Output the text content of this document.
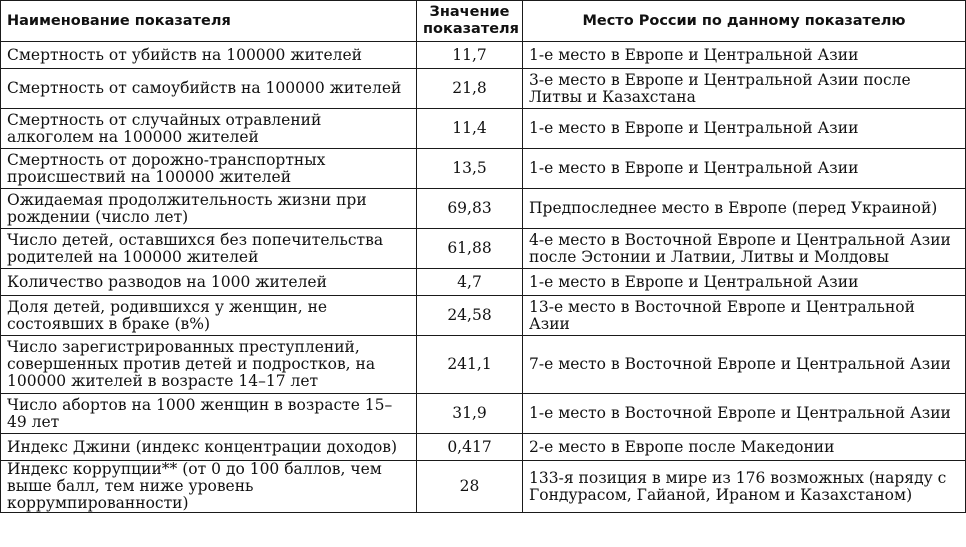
Наименование показателя	Значение показателя	Место России по данному показателю
Смертность от убийств на 100000 жителей	11,7	1-е место в Европе и Центральной Азии
Смертность от самоубийств на 100000 жителей	21,8	3-е место в Европе и Центральной Азии после Литвы и Казахстана
Смертность от случайных отравлений алкоголем на 100000 жителей	11,4	1-е место в Европе и Центральной Азии
Смертность от дорожно-транспортных происшествий на 100000 жителей	13,5	1-е место в Европе и Центральной Азии
Ожидаемая продолжительность жизни при рождении (число лет)	69,83	Предпоследнее место в Европе (перед Украиной)
Число детей, оставшихся без попечительства родителей на 100000 жителей	61,88	4-е место в Восточной Европе и Центральной Азии после Эстонии и Латвии, Литвы и Молдовы
Количество разводов на 1000 жителей	4,7	1-е место в Европе и Центральной Азии
Доля детей, родившихся у женщин, не состоявших в браке (в%)	24,58	13-е место в Восточной Европе и Центральной Азии
Число зарегистрированных преступлений, совершенных против детей и подростков, на 100000 жителей в возрасте 14–17 лет	241,1	7-е место в Восточной Европе и Центральной Азии
Число абортов на 1000 женщин в возрасте 15–49 лет	31,9	1-е место в Восточной Европе и Центральной Азии
Индекс Джини (индекс концентрации доходов)	0,417	2-е место в Европе после Македонии
Индекс коррупции** (от 0 до 100 баллов, чем выше балл, тем ниже уровень коррумпированности)	28	133-я позиция в мире из 176 возможных (наряду с Гондурасом, Гайаной, Ираном и Казахстаном)
